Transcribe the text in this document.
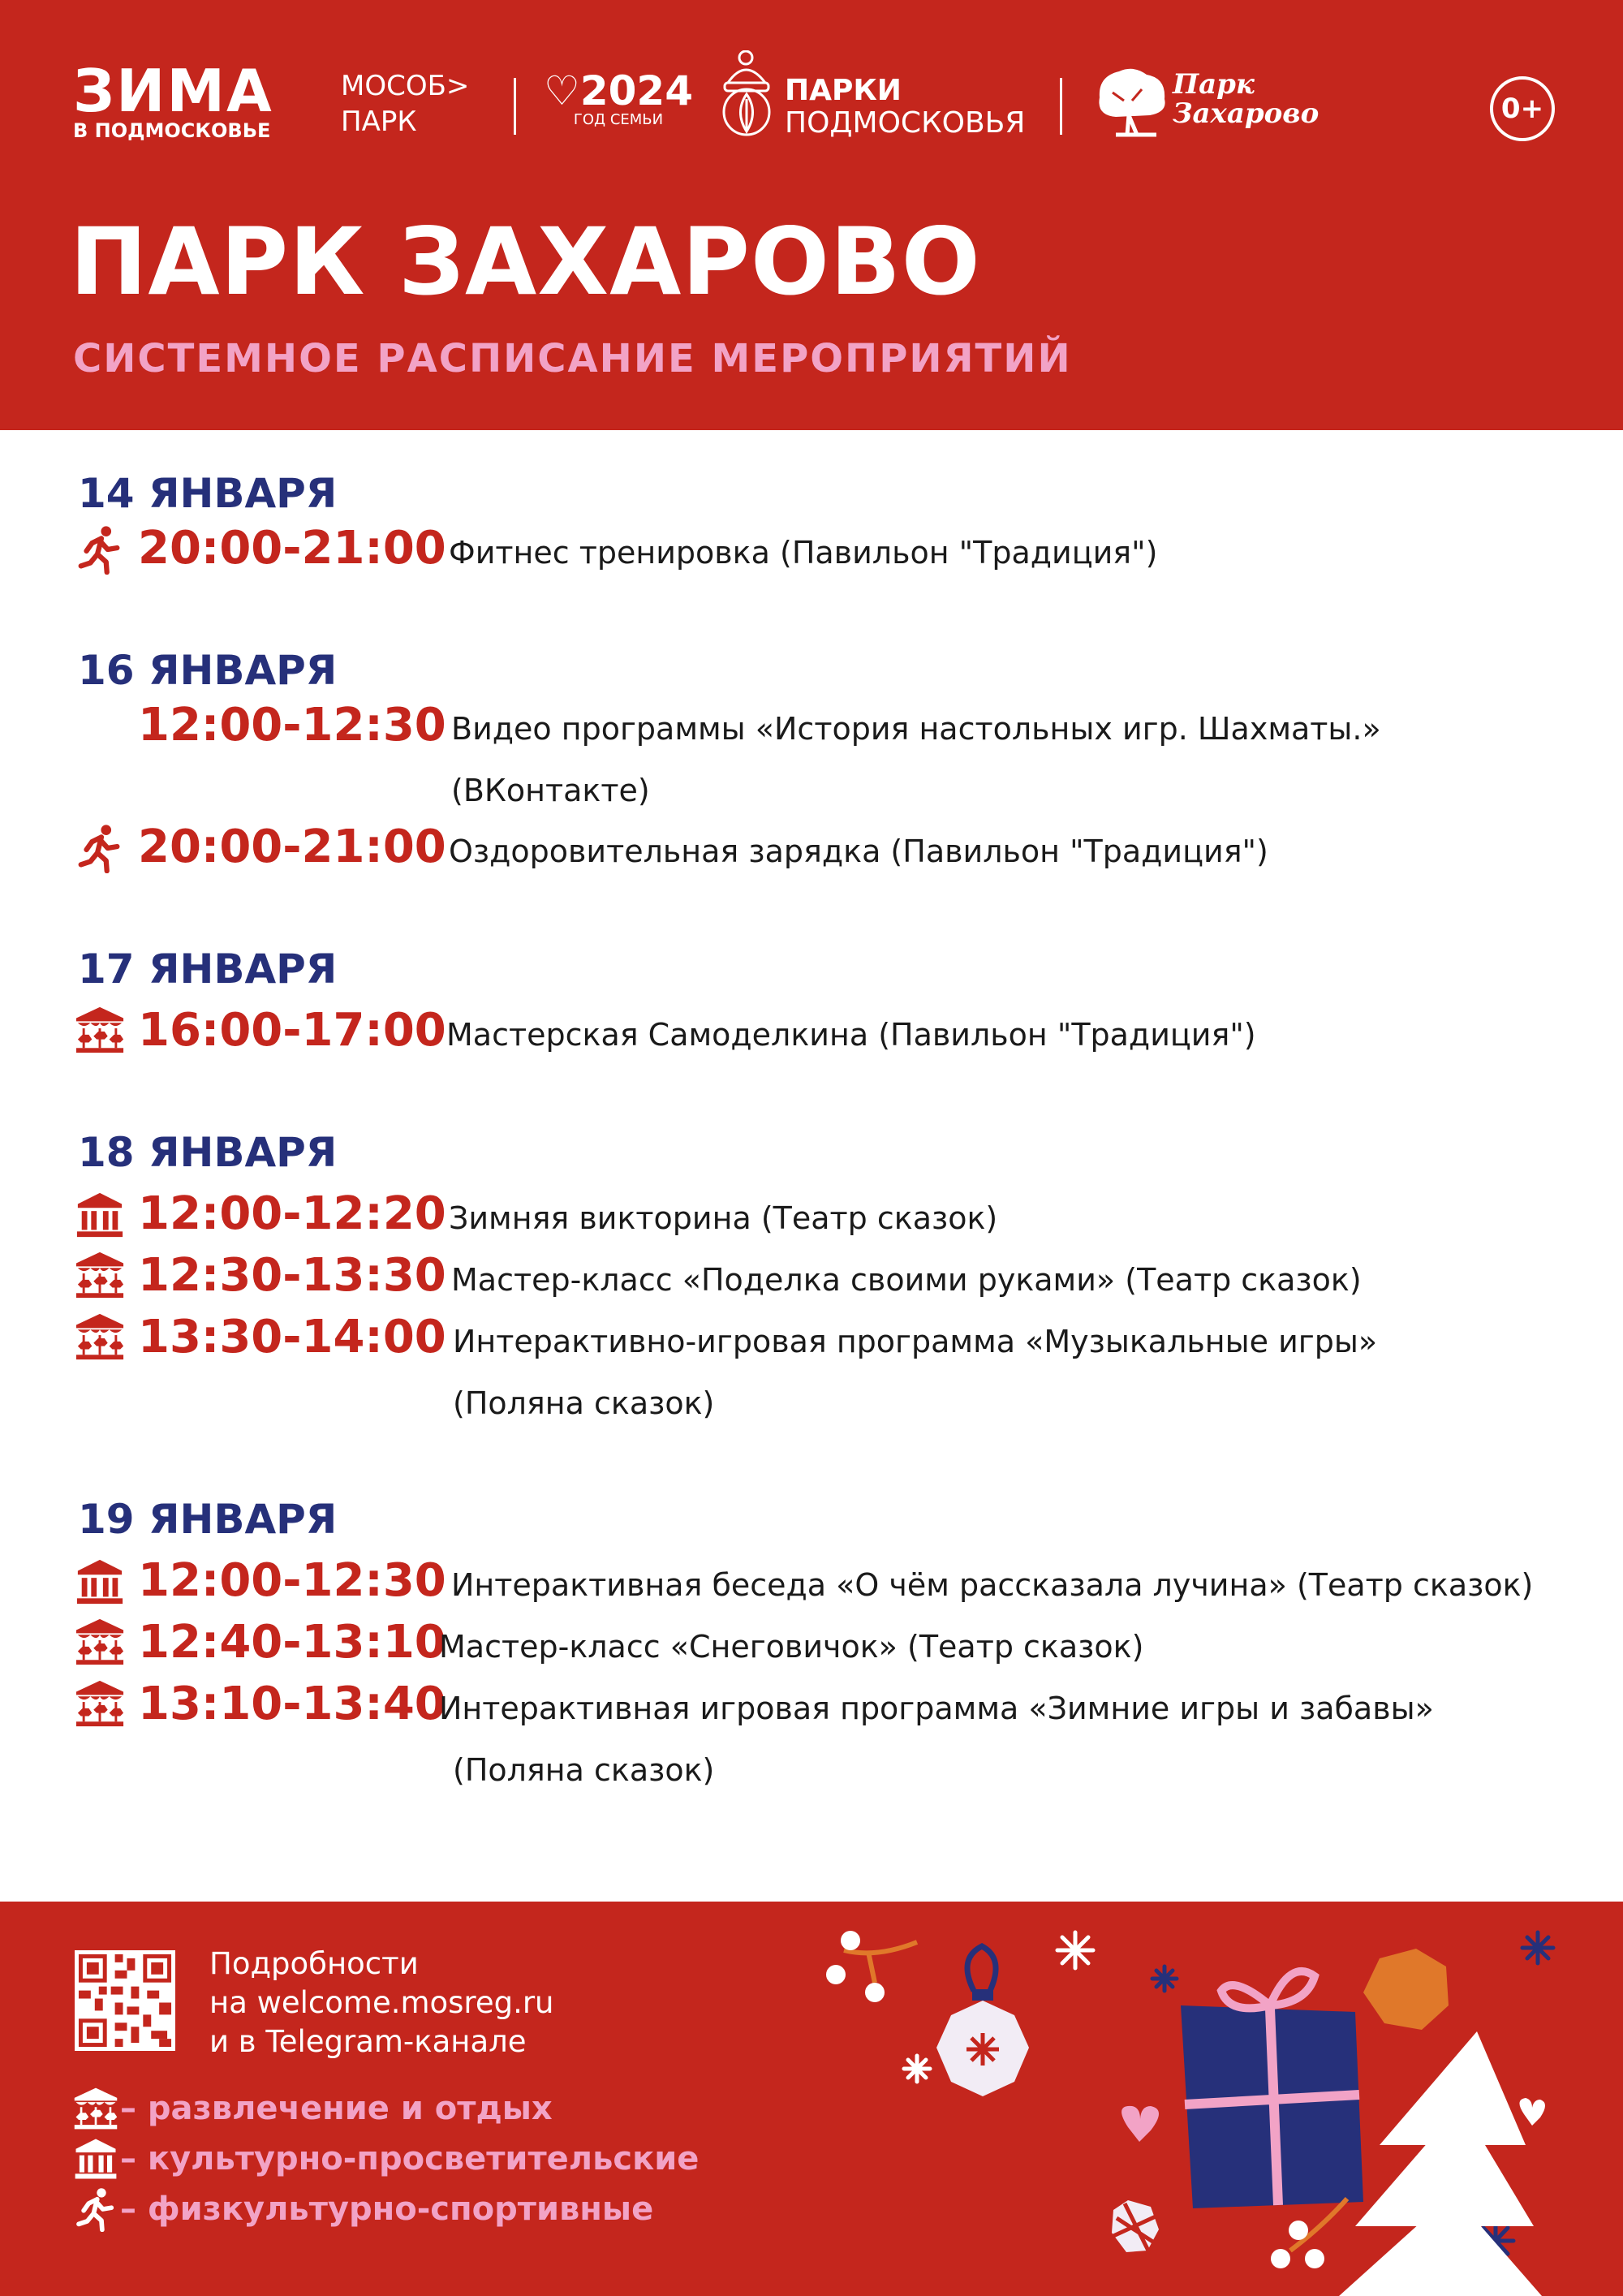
ЗИМА
В ПОДМОСКОВЬЕ
МОСОБ>
ПАРК
♡2024
ГОД СЕМЬИ
ПАРКИ
ПОДМОСКОВЬЯ
Парк
Захарово	0+
ПАРК ЗАХАРОВО
СИСТЕМНОЕ РАСПИСАНИЕ МЕРОПРИЯТИЙ
14 ЯНВАРЯ
20:00-21:00 Фитнес тренировка (Павильон "Традиция")
16 ЯНВАРЯ
12:00-12:30 Видео программы «История настольных игр. Шахматы.»
(ВКонтакте)
20:00-21:00 Оздоровительная зарядка (Павильон "Традиция")
17 ЯНВАРЯ
16:00-17:00 Мастерская Самоделкина (Павильон "Традиция")
18 ЯНВАРЯ
12:00-12:20 Зимняя викторина (Театр сказок)
12:30-13:30 Мастер-класс «Поделка своими руками» (Театр сказок)
13:30-14:00 Интерактивно-игровая программа «Музыкальные игры»
(Поляна сказок)
19 ЯНВАРЯ
12:00-12:30 Интерактивная беседа «О чём рассказала лучина» (Театр сказок)
12:40-13:10
Мастер-класс «Снеговичок» (Театр сказок)
13:10-13:40
Интерактивная игровая программа «Зимние игры и забавы»
(Поляна сказок)
Подробности
на welcome.mosreg.ru
и в Telegram-канале
– развлечение и отдых
– культурно-просветительские
– физкультурно-спортивные
